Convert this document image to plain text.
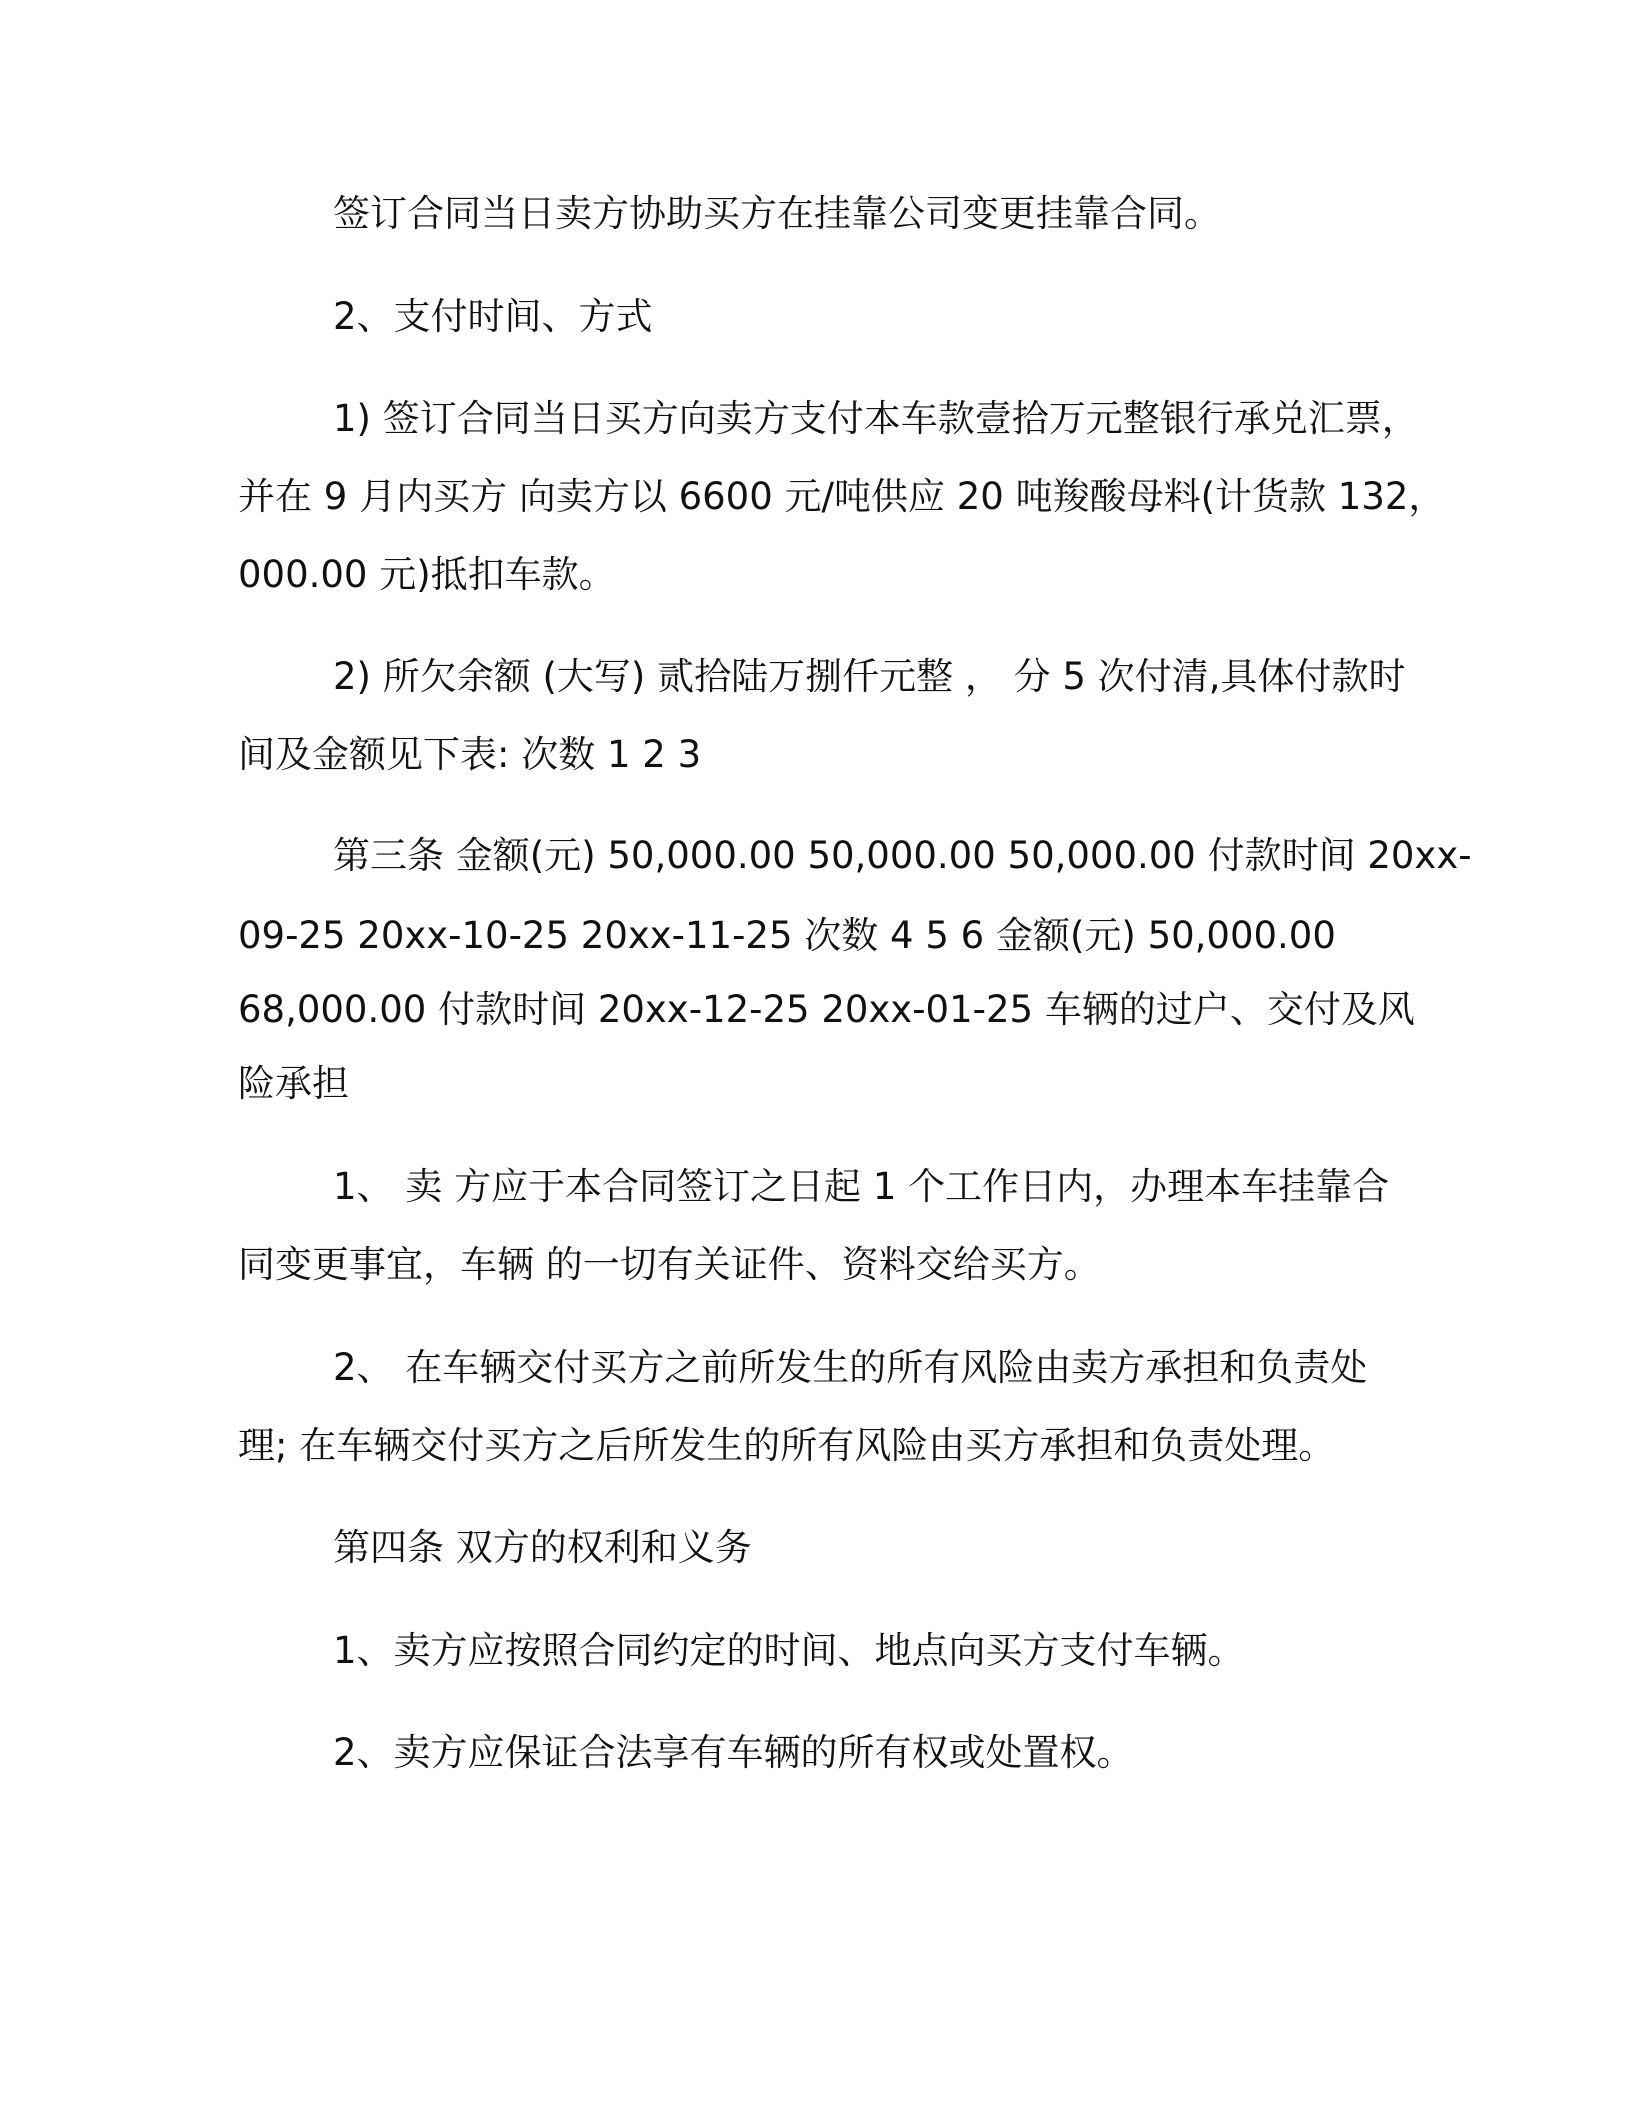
签订合同当日卖方协助买方在挂靠公司变更挂靠合同。

2、支付时间、方式

1) 签订合同当日买方向卖方支付本车款壹拾万元整银行承兑汇票，

并在 9 月内买方 向卖方以 6600 元/吨供应 20 吨羧酸母料(计货款 132，

000.00 元)抵扣车款。

2) 所欠余额 (大写) 贰拾陆万捌仟元整 ， 分 5 次付清,具体付款时

间及金额见下表: 次数 1 2 3

第三条 金额(元) 50,000.00 50,000.00 50,000.00 付款时间 20xx-

09-25 20xx-10-25 20xx-11-25 次数 4 5 6 金额(元) 50,000.00

68,000.00 付款时间 20xx-12-25 20xx-01-25 车辆的过户、交付及风

险承担

1、 卖 方应于本合同签订之日起 1 个工作日内，办理本车挂靠合

同变更事宜，车辆 的一切有关证件、资料交给买方。

2、 在车辆交付买方之前所发生的所有风险由卖方承担和负责处

理; 在车辆交付买方之后所发生的所有风险由买方承担和负责处理。

第四条 双方的权利和义务

1、卖方应按照合同约定的时间、地点向买方支付车辆。

2、卖方应保证合法享有车辆的所有权或处置权。
